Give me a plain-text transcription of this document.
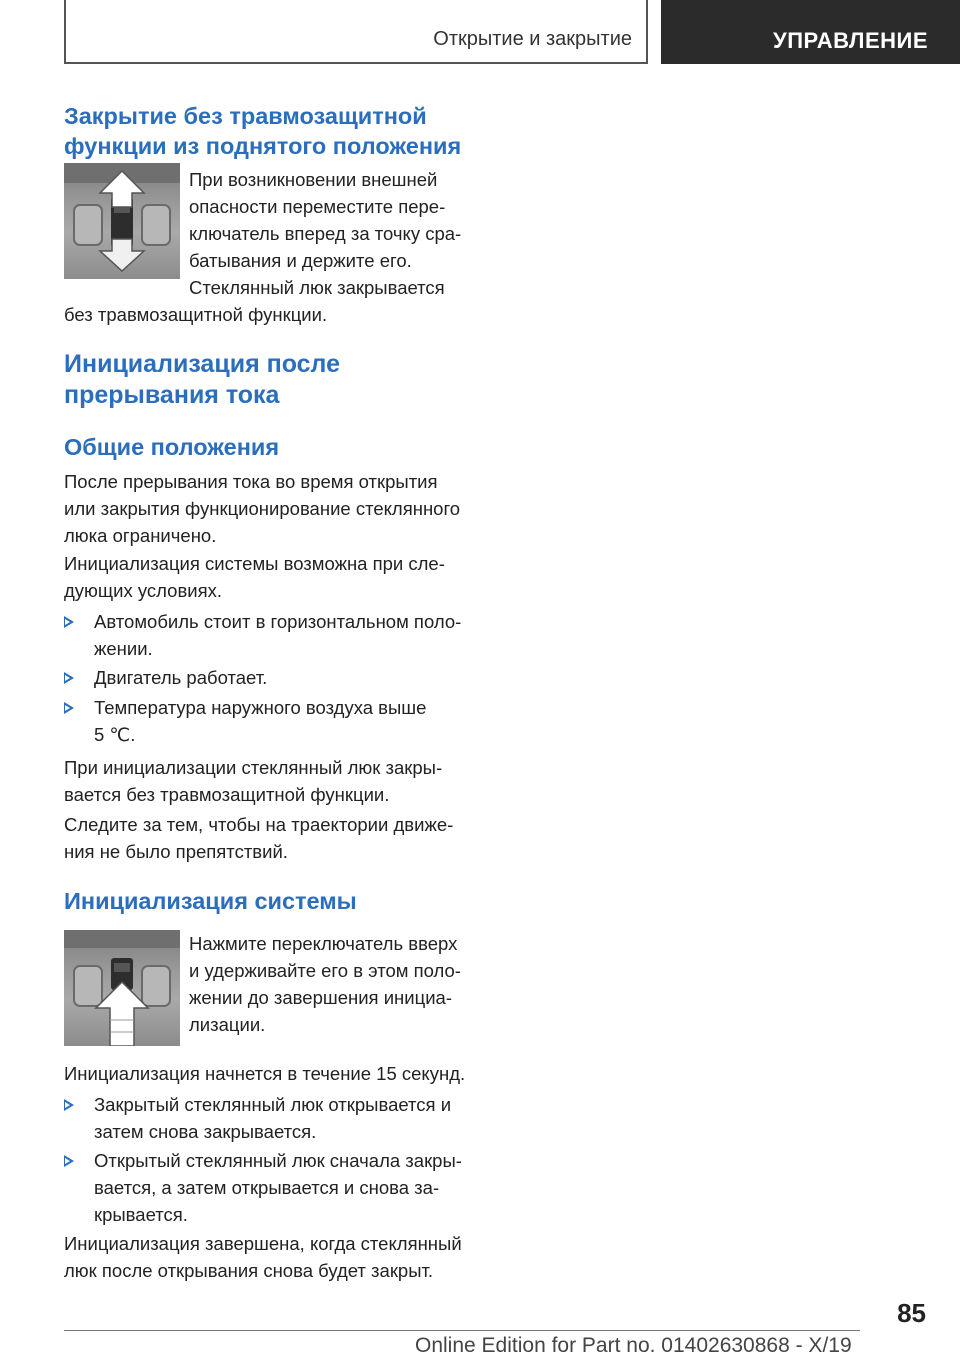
Открытие и закрытие	УПРАВЛЕНИЕ

Закрытие без травмозащитной

функции из поднятого положения

При возникновении внешней

опасности переместите пере-

ключатель вперед за точку сра-

батывания и держите его.

Стеклянный люк закрывается

без травмозащитной функции.

Инициализация после

прерывания тока

Общие положения

После прерывания тока во время открытия

или закрытия функционирование стеклянного

люка ограничено.

Инициализация системы возможна при сле-

дующих условиях.

Автомобиль стоит в горизонтальном поло-
жении.
Двигатель работает.
Температура наружного воздуха выше
5 ℃.

При инициализации стеклянный люк закры-

вается без травмозащитной функции.

Следите за тем, чтобы на траектории движе-

ния не было препятствий.

Инициализация системы

Нажмите переключатель вверх

и удерживайте его в этом поло-

жении до завершения инициа-

лизации.

Инициализация начнется в течение 15 секунд.

Закрытый стеклянный люк открывается и
затем снова закрывается.
Открытый стеклянный люк сначала закры-
вается, а затем открывается и снова за-
крывается.

Инициализация завершена, когда стеклянный

люк после открывания снова будет закрыт.

85
Online Edition for Part no. 01402630868 - X/19
